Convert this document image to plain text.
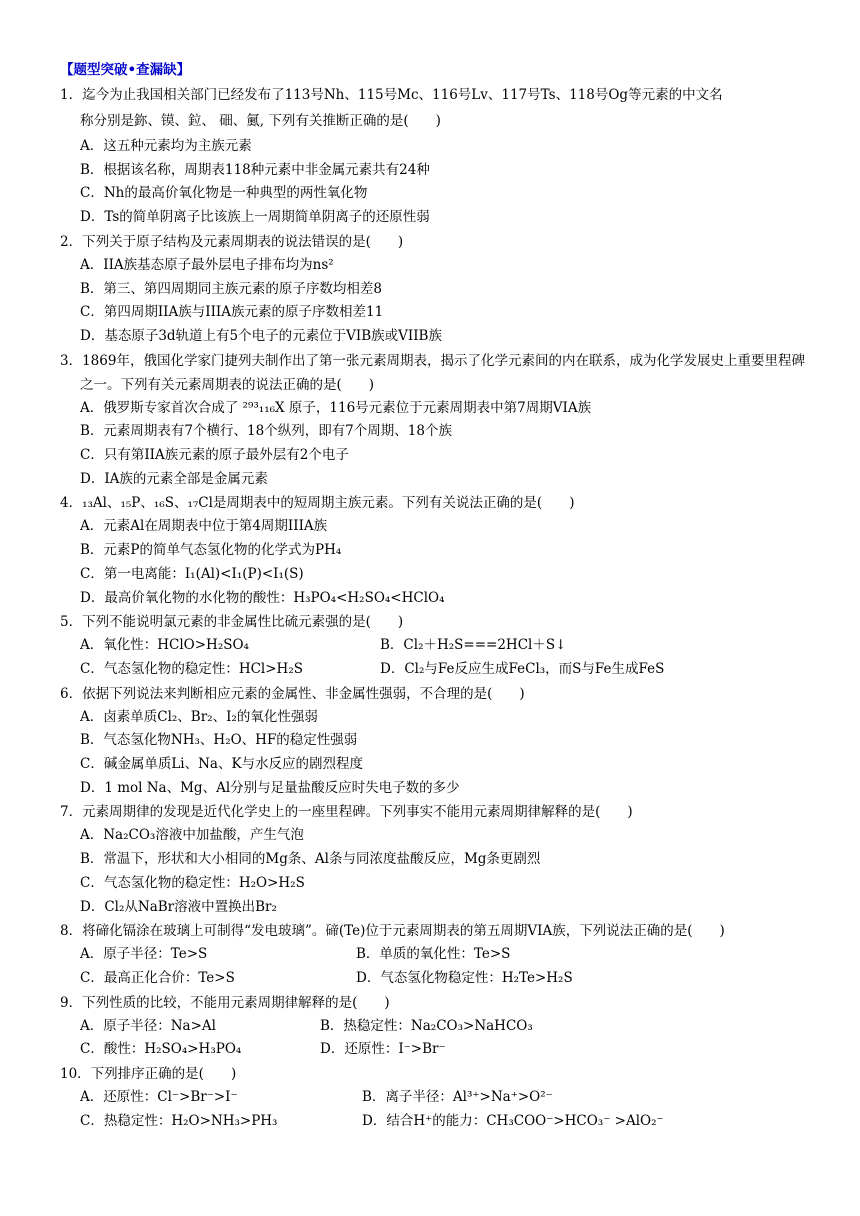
【题型突破•查漏缺】
1．迄今为止我国相关部门已经发布了113号Nh、115号Mc、116号Lv、117号Ts、118号Og等元素的中文名
称分别是鉨、镆、鉝、 鿬、鿫, 下列有关推断正确的是(　　)
A．这五种元素均为主族元素
B．根据该名称，周期表118种元素中非金属元素共有24种
C．Nh的最高价氧化物是一种典型的两性氧化物
D．Ts的简单阴离子比该族上一周期简单阴离子的还原性弱
2．下列关于原子结构及元素周期表的说法错误的是(　　)
A．IIA族基态原子最外层电子排布均为ns²
B．第三、第四周期同主族元素的原子序数均相差8
C．第四周期IIA族与IIIA族元素的原子序数相差11
D．基态原子3d轨道上有5个电子的元素位于VIB族或VIIB族
3．1869年，俄国化学家门捷列夫制作出了第一张元素周期表，揭示了化学元素间的内在联系，成为化学发展史上重要里程碑之一。下列有关元素周期表的说法正确的是(　　)
A．俄罗斯专家首次合成了 ²⁹³₁₁₆X 原子，116号元素位于元素周期表中第7周期VIA族
B．元素周期表有7个横行、18个纵列，即有7个周期、18个族
C．只有第IIA族元素的原子最外层有2个电子
D．IA族的元素全部是金属元素
4．₁₃Al、₁₅P、₁₆S、₁₇Cl是周期表中的短周期主族元素。下列有关说法正确的是(　　)
A．元素Al在周期表中位于第4周期IIIA族
B．元素P的简单气态氢化物的化学式为PH₄
C．第一电离能：I₁(Al)<I₁(P)<I₁(S)
D．最高价氧化物的水化物的酸性：H₃PO₄<H₂SO₄<HClO₄
5．下列不能说明氯元素的非金属性比硫元素强的是(　　)
A．氧化性：HClO>H₂SO₄	B．Cl₂＋H₂S===2HCl＋S↓
C．气态氢化物的稳定性：HCl>H₂S	D．Cl₂与Fe反应生成FeCl₃，而S与Fe生成FeS
6．依据下列说法来判断相应元素的金属性、非金属性强弱，不合理的是(　　)
A．卤素单质Cl₂、Br₂、I₂的氧化性强弱
B．气态氢化物NH₃、H₂O、HF的稳定性强弱
C．碱金属单质Li、Na、K与水反应的剧烈程度
D．1 mol Na、Mg、Al分别与足量盐酸反应时失电子数的多少
7．元素周期律的发现是近代化学史上的一座里程碑。下列事实不能用元素周期律解释的是(　　)
A．Na₂CO₃溶液中加盐酸，产生气泡
B．常温下，形状和大小相同的Mg条、Al条与同浓度盐酸反应，Mg条更剧烈
C．气态氢化物的稳定性：H₂O>H₂S
D．Cl₂从NaBr溶液中置换出Br₂
8．将碲化镉涂在玻璃上可制得“发电玻璃”。碲(Te)位于元素周期表的第五周期VIA族，下列说法正确的是(　　)
A．原子半径：Te>S	B．单质的氧化性：Te>S
C．最高正化合价：Te>S	D．气态氢化物稳定性：H₂Te>H₂S
9．下列性质的比较，不能用元素周期律解释的是(　　)
A．原子半径：Na>Al	B．热稳定性：Na₂CO₃>NaHCO₃
C．酸性：H₂SO₄>H₃PO₄	D．还原性：I⁻>Br⁻
10．下列排序正确的是(　　)
A．还原性：Cl⁻>Br⁻>I⁻	B．离子半径：Al³⁺>Na⁺>O²⁻
C．热稳定性：H₂O>NH₃>PH₃	D．结合H⁺的能力：CH₃COO⁻>HCO₃⁻ >AlO₂⁻
